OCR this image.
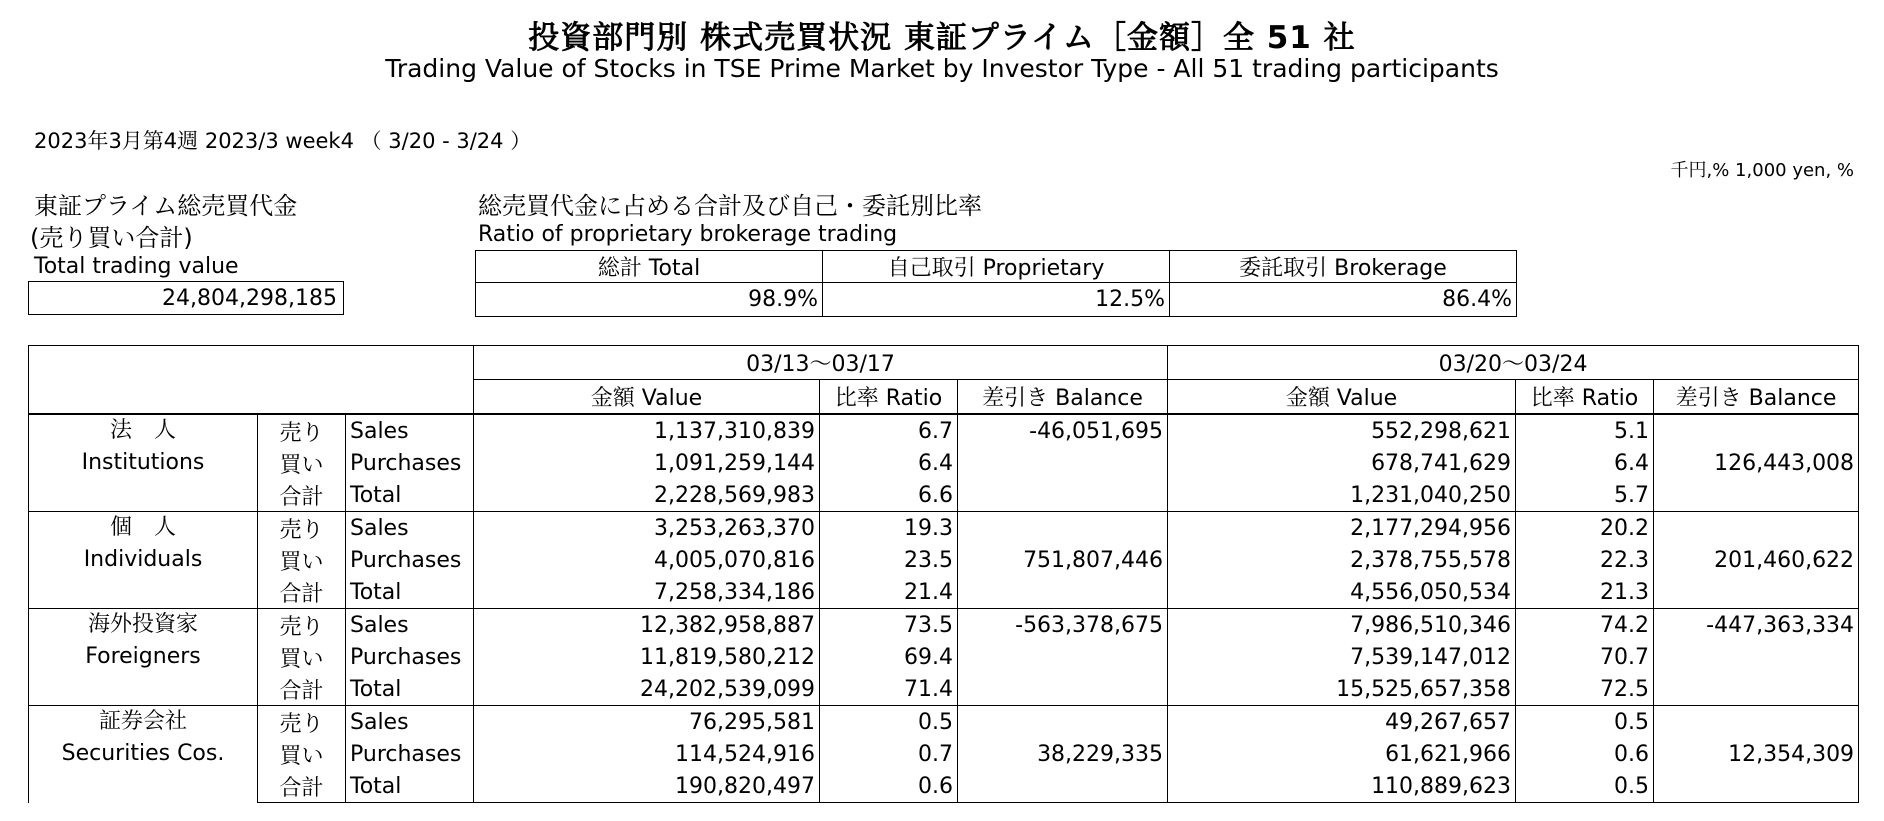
投資部門別 株式売買状況 東証プライム［金額］全 51 社
Trading Value of Stocks in TSE Prime Market by Investor Type - All 51 trading participants
2023年3月第4週 2023/3 week4 （ 3/20 - 3/24 ）
千円,% 1,000 yen, %
東証プライム総売買代金
(売り買い合計)
Total trading value
24,804,298,185
総売買代金に占める合計及び自己・委託別比率
Ratio of proprietary brokerage trading
総計 Total	自己取引 Proprietary	委託取引 Brokerage
98.9%	12.5%	86.4%
			03/13～03/17			03/20～03/24		
			金額 Value	比率 Ratio	差引き Balance	金額 Value	比率 Ratio	差引き Balance

法　人
Institutions	売り	Sales	1,137,310,839	6.7	-46,051,695	552,298,621	5.1	
	買い	Purchases	1,091,259,144	6.4		678,741,629	6.4	126,443,008
	合計	Total	2,228,569,983	6.6		1,231,040,250	5.7	

個　人
Individuals	売り	Sales	3,253,263,370	19.3		2,177,294,956	20.2	
	買い	Purchases	4,005,070,816	23.5	751,807,446	2,378,755,578	22.3	201,460,622
	合計	Total	7,258,334,186	21.4		4,556,050,534	21.3	

海外投資家
Foreigners	売り	Sales	12,382,958,887	73.5	-563,378,675	7,986,510,346	74.2	-447,363,334
	買い	Purchases	11,819,580,212	69.4		7,539,147,012	70.7	
	合計	Total	24,202,539,099	71.4		15,525,657,358	72.5	

証券会社
Securities Cos.	売り	Sales	76,295,581	0.5		49,267,657	0.5	
	買い	Purchases	114,524,916	0.7	38,229,335	61,621,966	0.6	12,354,309
	合計	Total	190,820,497	0.6		110,889,623	0.5	
